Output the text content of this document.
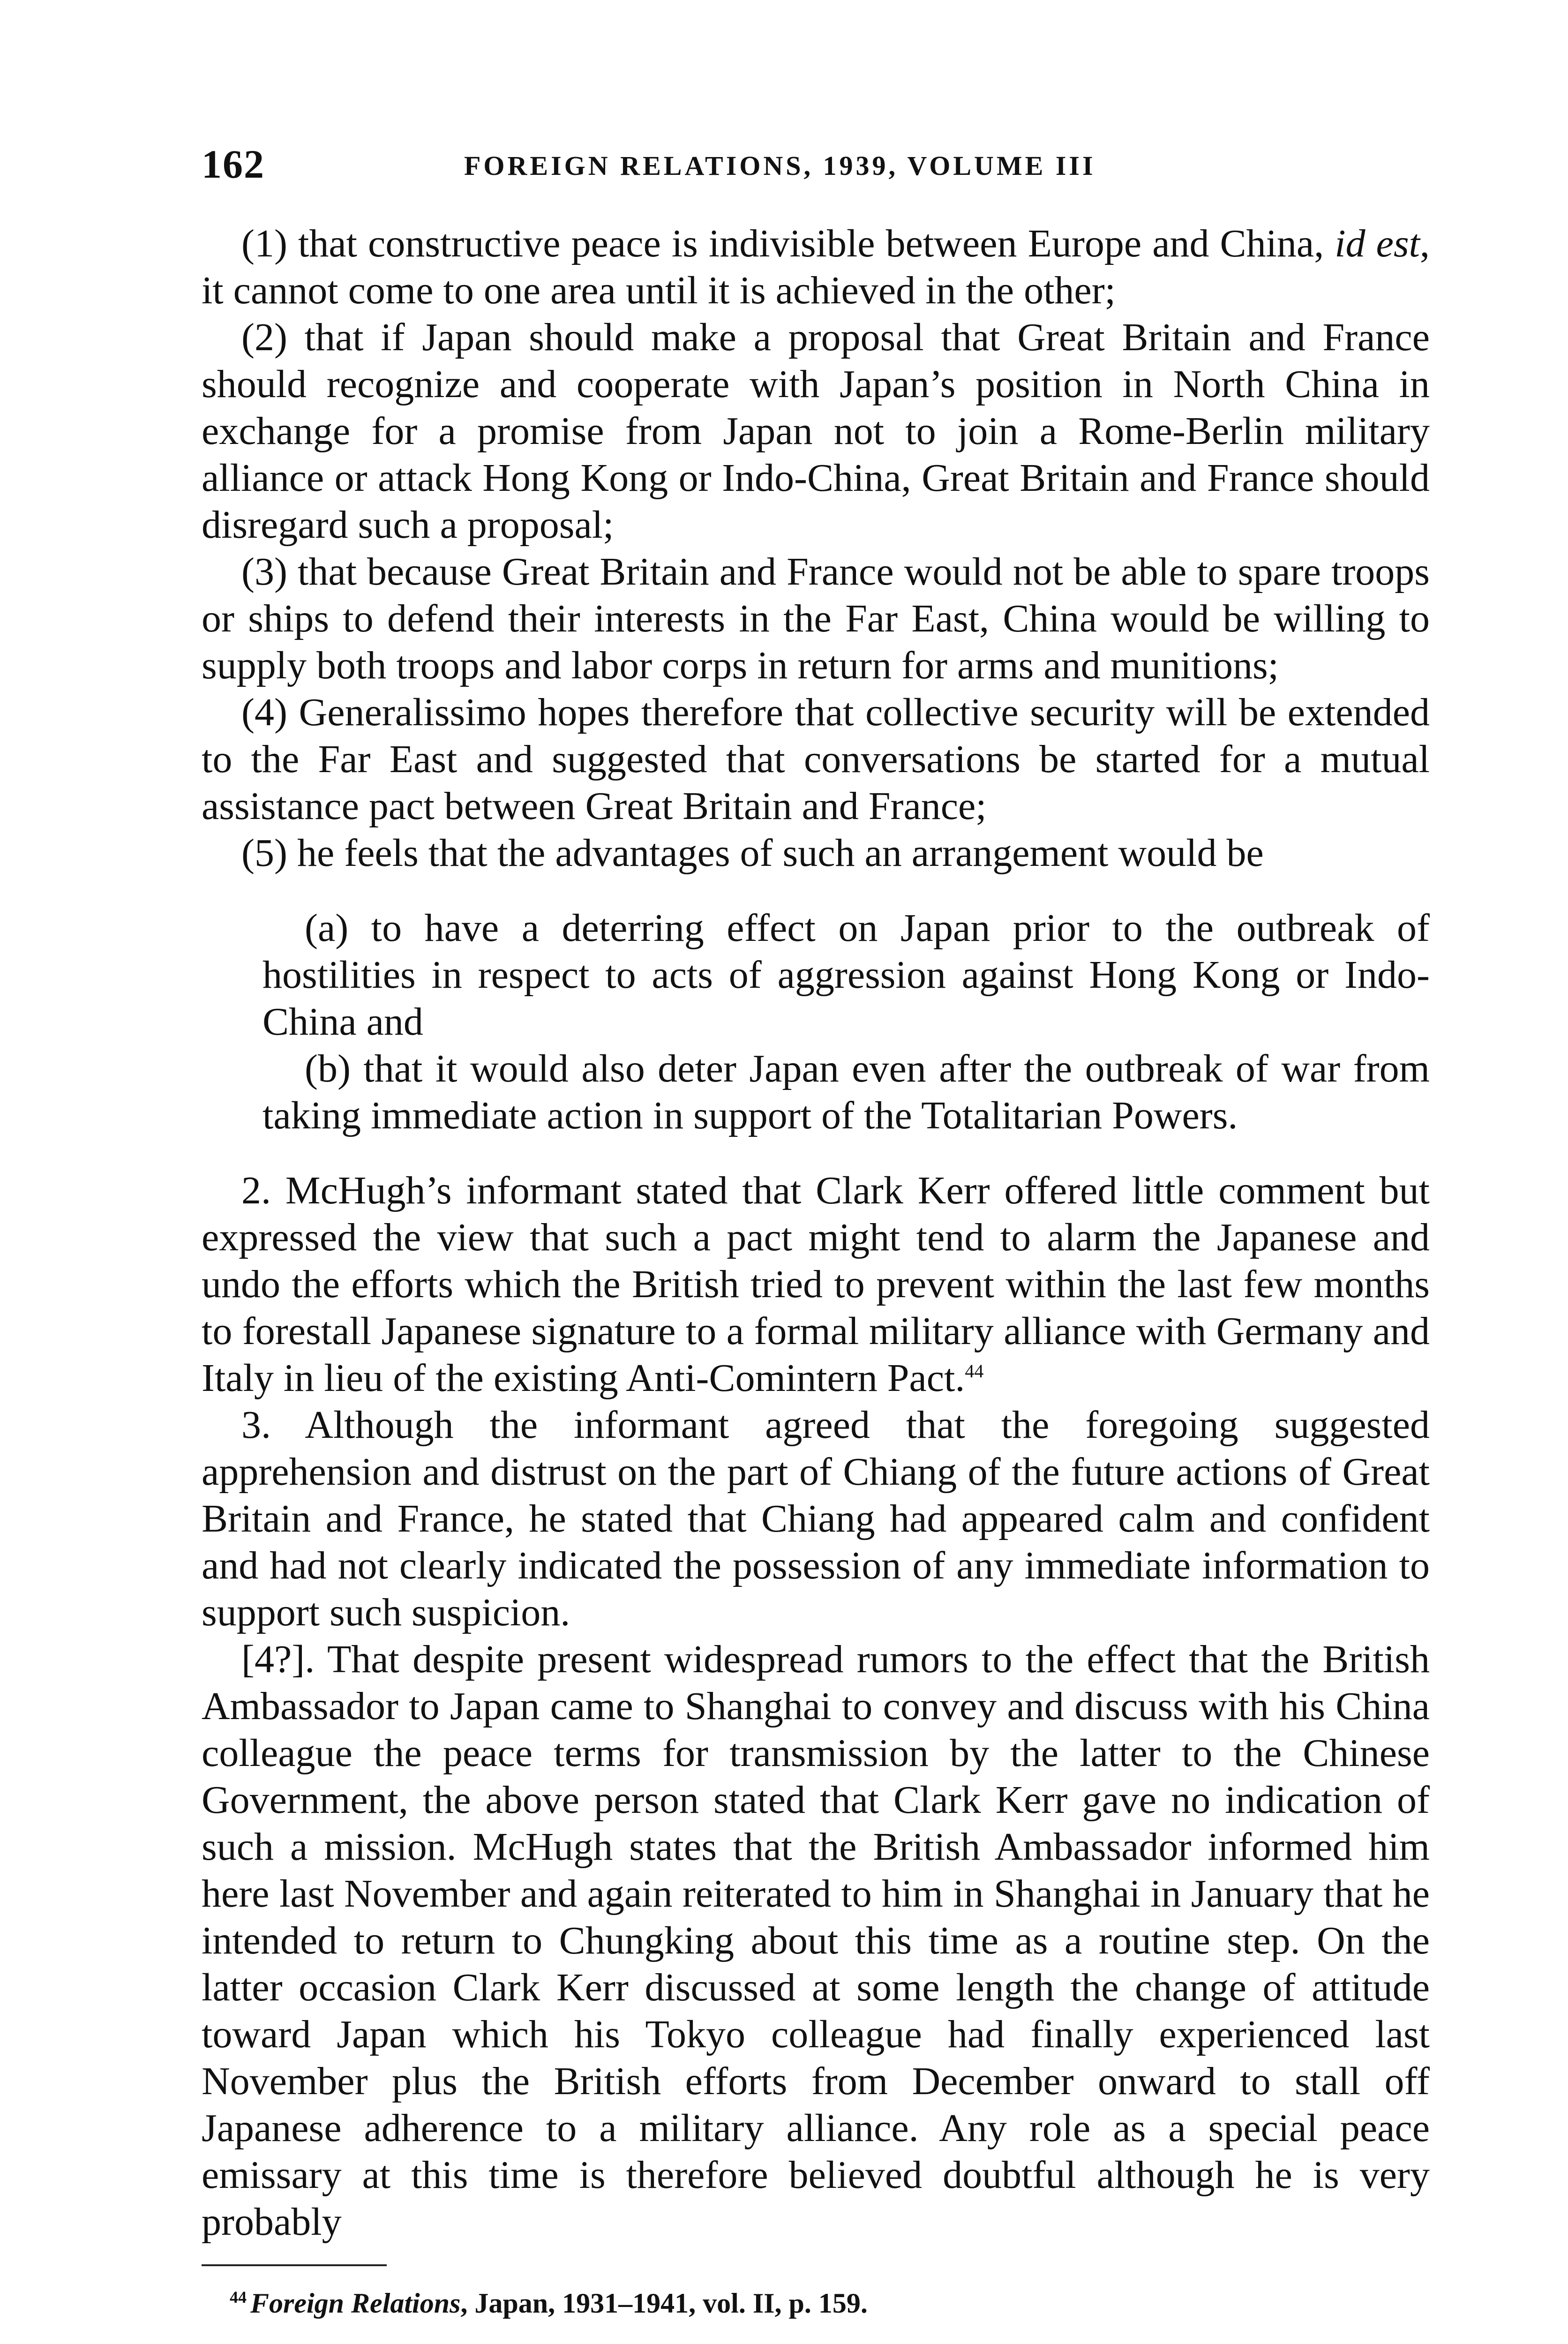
162	FOREIGN RELATIONS, 1939, VOLUME III

(1) that constructive peace is indivisible between Europe and China, id est, it cannot come to one area until it is achieved in the other;

(2) that if Japan should make a proposal that Great Britain and France should recognize and cooperate with Japan’s position in North China in exchange for a promise from Japan not to join a Rome-Berlin military alliance or attack Hong Kong or Indo-China, Great Britain and France should disregard such a proposal;

(3) that because Great Britain and France would not be able to spare troops or ships to defend their interests in the Far East, China would be willing to supply both troops and labor corps in return for arms and munitions;

(4) Generalissimo hopes therefore that collective security will be extended to the Far East and suggested that conversations be started for a mutual assistance pact between Great Britain and France;

(5) he feels that the advantages of such an arrangement would be

(a) to have a deterring effect on Japan prior to the outbreak of hostilities in respect to acts of aggression against Hong Kong or Indo-China and

(b) that it would also deter Japan even after the outbreak of war from taking immediate action in support of the Totalitarian Powers.

2. McHugh’s informant stated that Clark Kerr offered little comment but expressed the view that such a pact might tend to alarm the Japanese and undo the efforts which the British tried to prevent within the last few months to forestall Japanese signature to a formal military alliance with Germany and Italy in lieu of the existing Anti-Comintern Pact.$^{44}$

3. Although the informant agreed that the foregoing suggested apprehension and distrust on the part of Chiang of the future actions of Great Britain and France, he stated that Chiang had appeared calm and confident and had not clearly indicated the possession of any immediate information to support such suspicion.

[4?]. That despite present widespread rumors to the effect that the British Ambassador to Japan came to Shanghai to convey and discuss with his China colleague the peace terms for transmission by the latter to the Chinese Government, the above person stated that Clark Kerr gave no indication of such a mission. McHugh states that the British Ambassador informed him here last November and again reiterated to him in Shanghai in January that he intended to return to Chungking about this time as a routine step. On the latter occasion Clark Kerr discussed at some length the change of attitude toward Japan which his Tokyo colleague had finally experienced last November plus the British efforts from December onward to stall off Japanese adherence to a military alliance. Any role as a special peace emissary at this time is therefore believed doubtful although he is very probably

$^{44}$ Foreign Relations, Japan, 1931–1941, vol. II, p. 159.
